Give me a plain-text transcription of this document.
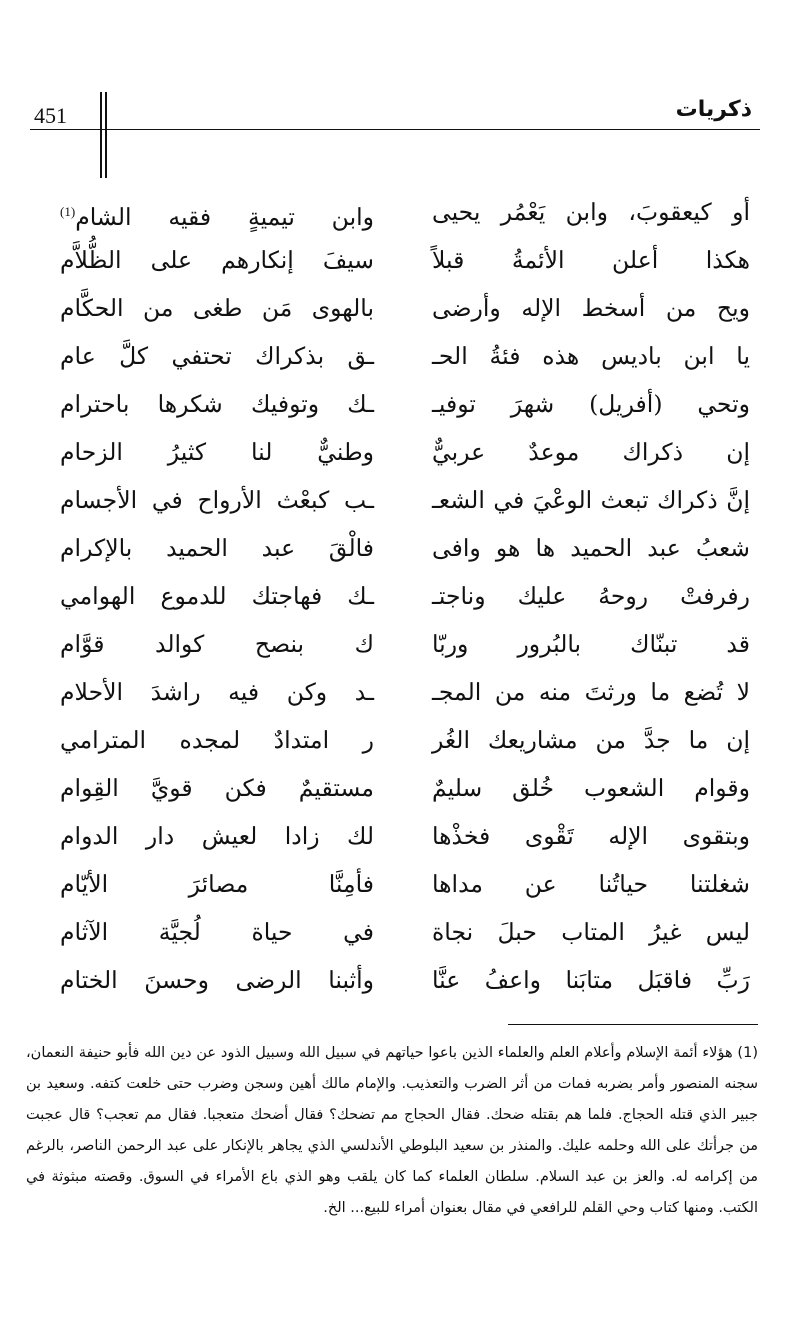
451	ذكريات
أو كيعقوبَ، وابن يَعْمُر يحيى
وابن تيميةٍ فقيه الشام$^{(1)}$
هكذا أعلن الأئمةُ قبلاً
سيفَ إنكارهم على الظُّلاَّم
ويح من أسخط الإله وأرضى
بالهوى مَن طغى من الحكَّام
يا ابن باديس هذه فئةُ الحـ
ـق بذكراك تحتفي كلَّ عام
وتحي (أفريل) شهرَ توفيـ
ـك وتوفيك شكرها باحترام
إن ذكراك موعدٌ عربيٌّ
وطنيٌّ لنا كثيرُ الزحام
إنَّ ذكراك تبعث الوعْيَ في الشعـ
ـب كبعْث الأرواح في الأجسام
شعبُ عبد الحميد ها هو وافى
فالْقَ عبد الحميد بالإكرام
رفرفتْ روحهُ عليك وناجتـ
ـك فهاجتك للدموع الهوامي
قد تبنّاك بالبُرور وربّا
ك بنصح كوالد قوَّام
لا تُضع ما ورثتَ منه من المجـ
ـد وكن فيه راشدَ الأحلام
إن ما جدَّ من مشاريعك الغُر
ر امتدادٌ لمجده المترامي
وقوام الشعوب خُلق سليمٌ
مستقيمٌ فكن قويَّ القِوام
وبتقوى الإله تَقْوى فخذْها
لك زادا لعيش دار الدوام
شغلتنا حياتُنا عن مداها
فأمِنَّا مصائرَ الأيّام
ليس غيرُ المتاب حبلَ نجاة
في حياة لُجيَّة الآثام
رَبِّ فاقبَل متابَنا واعفُ عنَّا
وأثبنا الرضى وحسنَ الختام
(1) هؤلاء أئمة الإسلام وأعلام العلم والعلماء الذين باعوا حياتهم في سبيل الله وسبيل الذود عن دين الله فأبو حنيفة النعمان، سجنه المنصور وأمر بضربه فمات من أثر الضرب والتعذيب. والإمام مالك أهين وسجن وضرب حتى خلعت كتفه. وسعيد بن جبير الذي قتله الحجاج. فلما هم بقتله ضحك. فقال الحجاج مم تضحك؟ فقال أضحك متعجبا. فقال مم تعجب؟ قال عجبت من جرأتك على الله وحلمه عليك. والمنذر بن سعيد البلوطي الأندلسي الذي يجاهر بالإنكار على عبد الرحمن الناصر، بالرغم من إكرامه له. والعز بن عبد السلام. سلطان العلماء كما كان يلقب وهو الذي باع الأمراء في السوق. وقصته مبثوثة في الكتب. ومنها كتاب وحي القلم للرافعي في مقال بعنوان أمراء للبيع... الخ.
